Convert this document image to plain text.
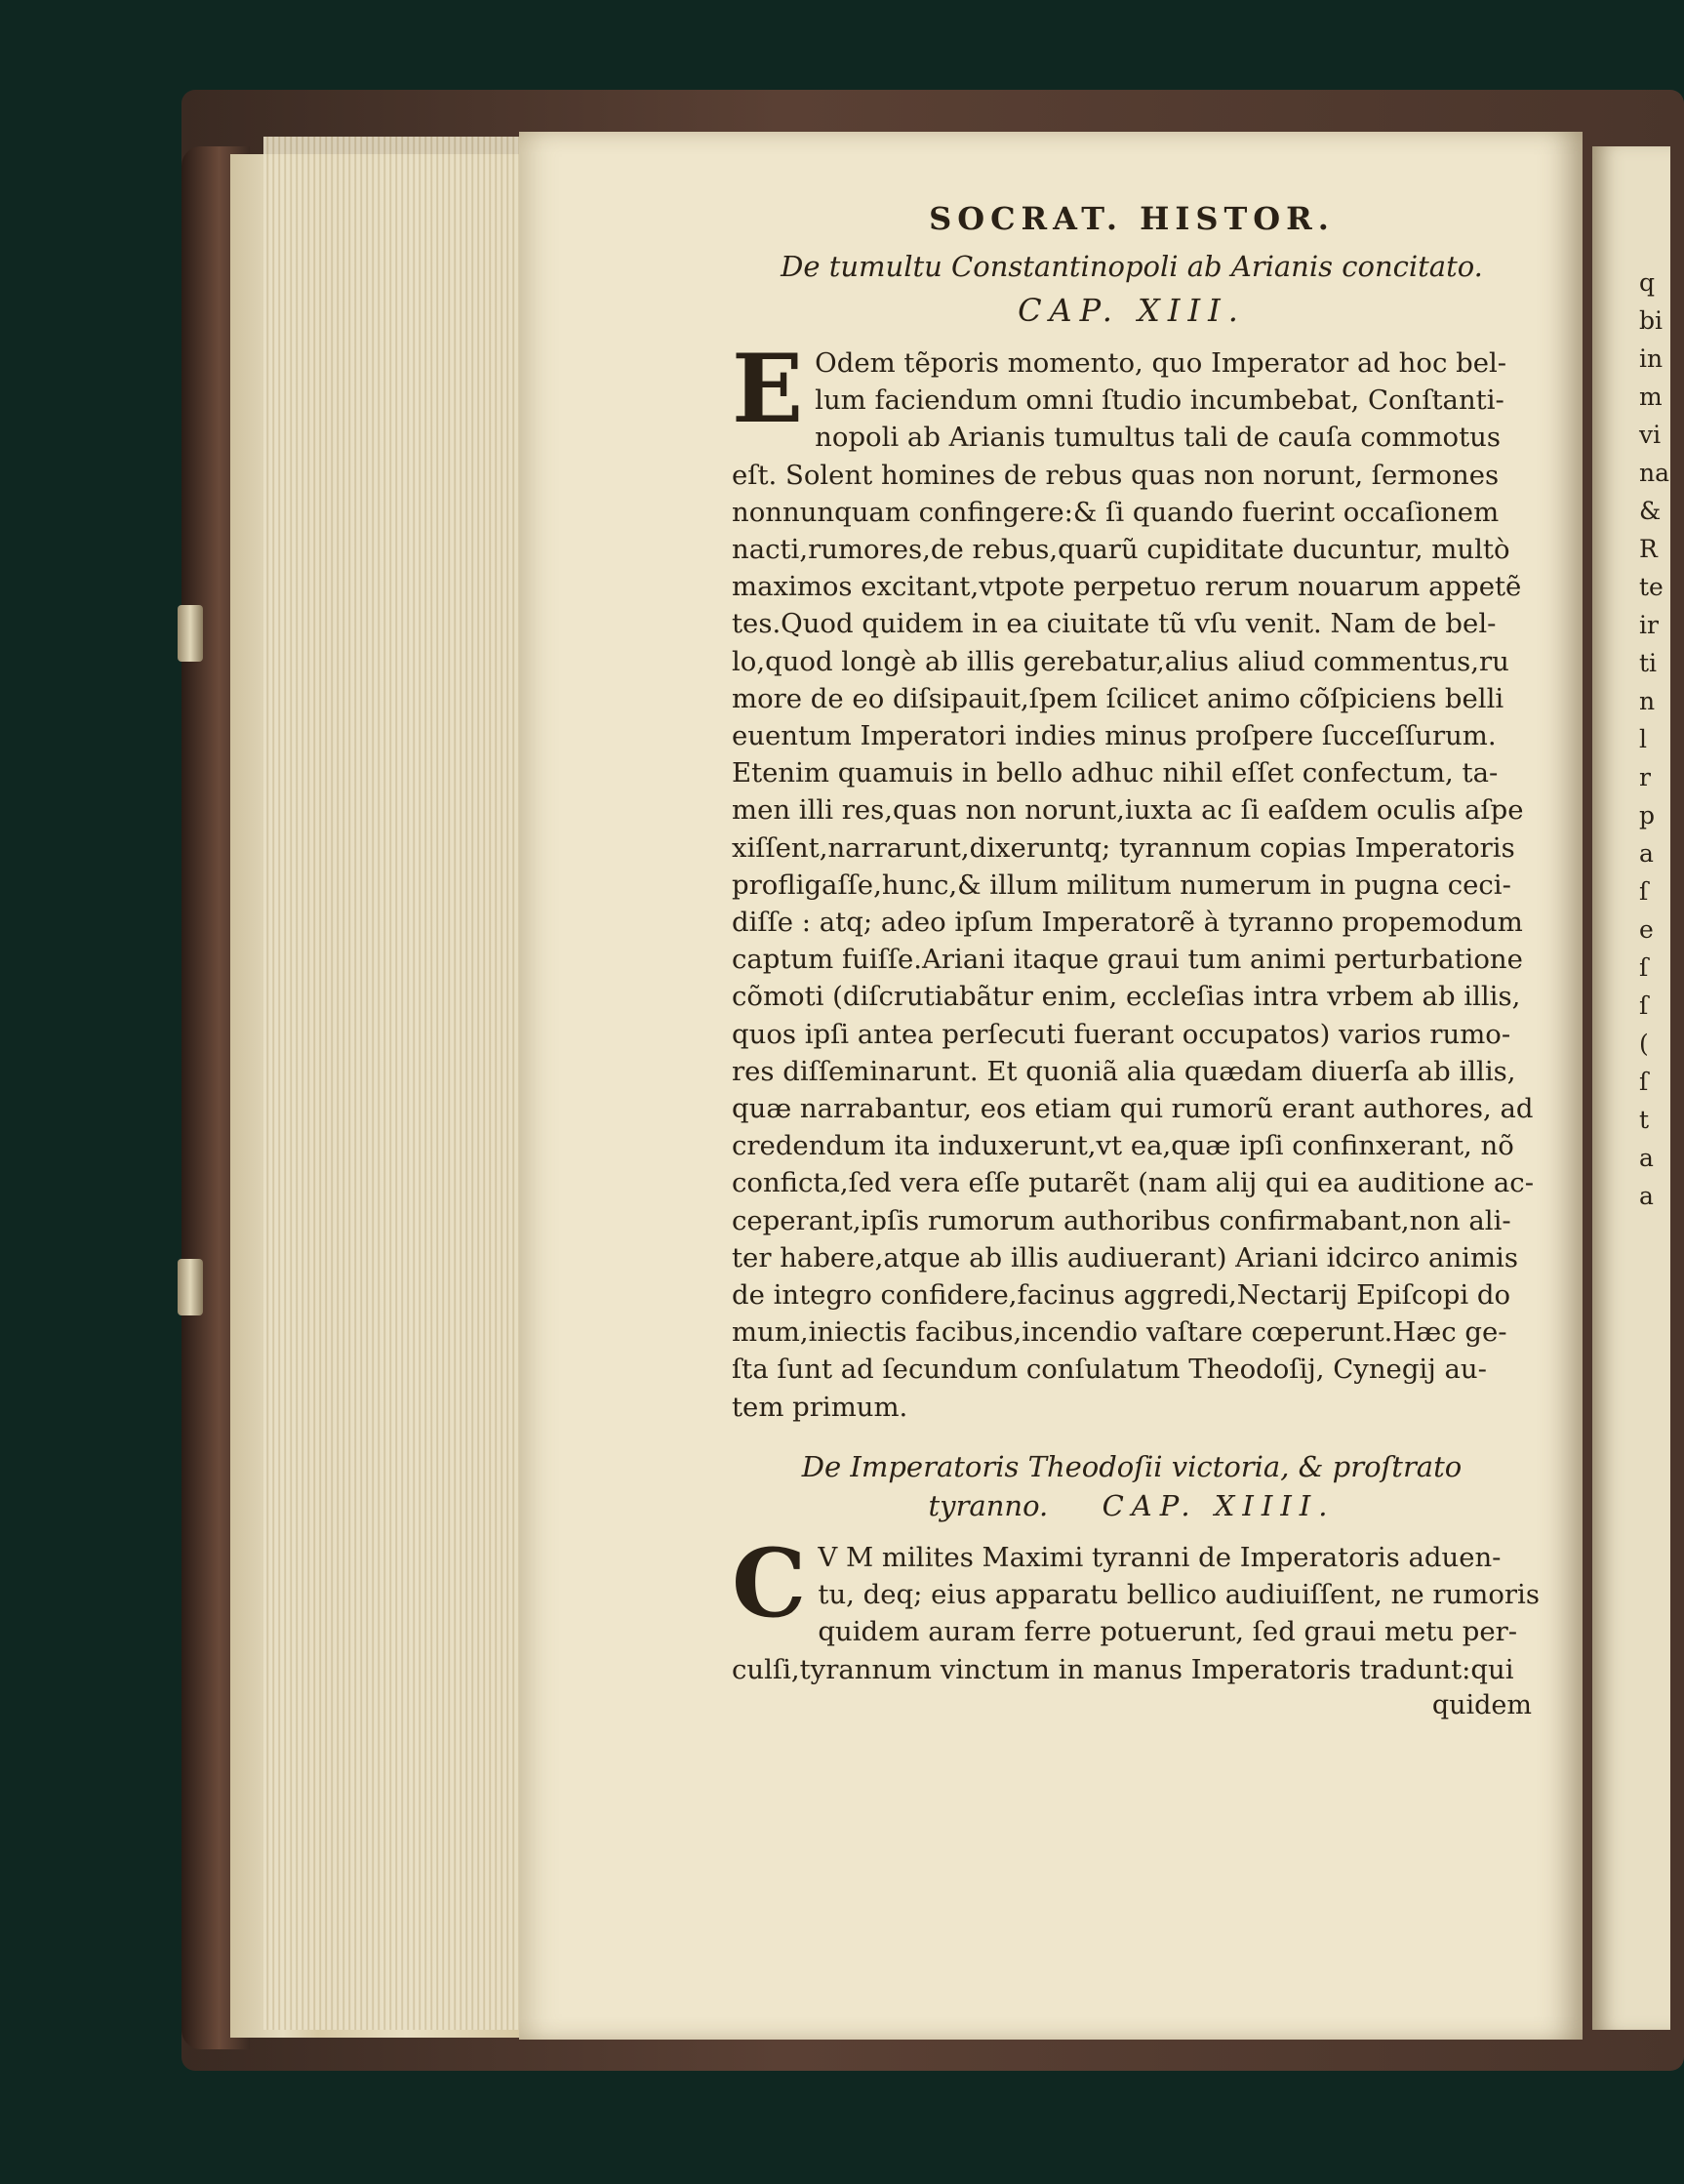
q
bi
in
m
vi
na
&
R
te
ir
ti
n
l
r
p
a
ſ
e
ſ
ſ
(
ſ
t
a
a
SOCRAT. HISTOR.
De tumultu Constantinopoli ab Arianis concitato.
CAP. XIII.
E Odem tẽporis momento, quo Imperator ad hoc bel-
lum faciendum omni ſtudio incumbebat, Conſtanti-
nopoli ab Arianis tumultus tali de cauſa commotus
eſt. Solent homines de rebus quas non norunt, ſermones
nonnunquam confingere:& ſi quando fuerint occaſionem
nacti,rumores,de rebus,quarũ cupiditate ducuntur, multò
maximos excitant,vtpote perpetuo rerum nouarum appetẽ
tes.Quod quidem in ea ciuitate tũ vſu venit. Nam de bel-
lo,quod longè ab illis gerebatur,alius aliud commentus,ru
more de eo diſsipauit,ſpem ſcilicet animo cõſpiciens belli
euentum Imperatori indies minus proſpere ſucceſſurum.
Etenim quamuis in bello adhuc nihil eſſet confectum, ta-
men illi res,quas non norunt,iuxta ac ſi eaſdem oculis aſpe
xiſſent,narrarunt,dixeruntq; tyrannum copias Imperatoris
profligaſſe,hunc,& illum militum numerum in pugna ceci-
diſſe : atq; adeo ipſum Imperatorẽ à tyranno propemodum
captum fuiſſe.Ariani itaque graui tum animi perturbatione
cõmoti (diſcrutiabãtur enim, eccleſias intra vrbem ab illis,
quos ipſi antea perſecuti fuerant occupatos) varios rumo-
res diſſeminarunt. Et quoniã alia quædam diuerſa ab illis,
quæ narrabantur, eos etiam qui rumorũ erant authores, ad
credendum ita induxerunt,vt ea,quæ ipſi confinxerant, nõ
conficta,ſed vera eſſe putarẽt (nam alij qui ea auditione ac-
ceperant,ipſis rumorum authoribus confirmabant,non ali-
ter habere,atque ab illis audiuerant) Ariani idcirco animis
de integro confidere,facinus aggredi,Nectarij Epiſcopi do
mum,iniectis facibus,incendio vaſtare cœperunt.Hæc ge-
ſta ſunt ad ſecundum conſulatum Theodoſij, Cynegij au-
tem primum.
De Imperatoris Theodoſii victoria, & proſtrato
tyranno. CAP. XIIII.
C V M milites Maximi tyranni de Imperatoris aduen-
tu, deq; eius apparatu bellico audiuiſſent, ne rumoris
quidem auram ferre potuerunt, ſed graui metu per-
culſi,tyrannum vinctum in manus Imperatoris tradunt:qui
quidem
